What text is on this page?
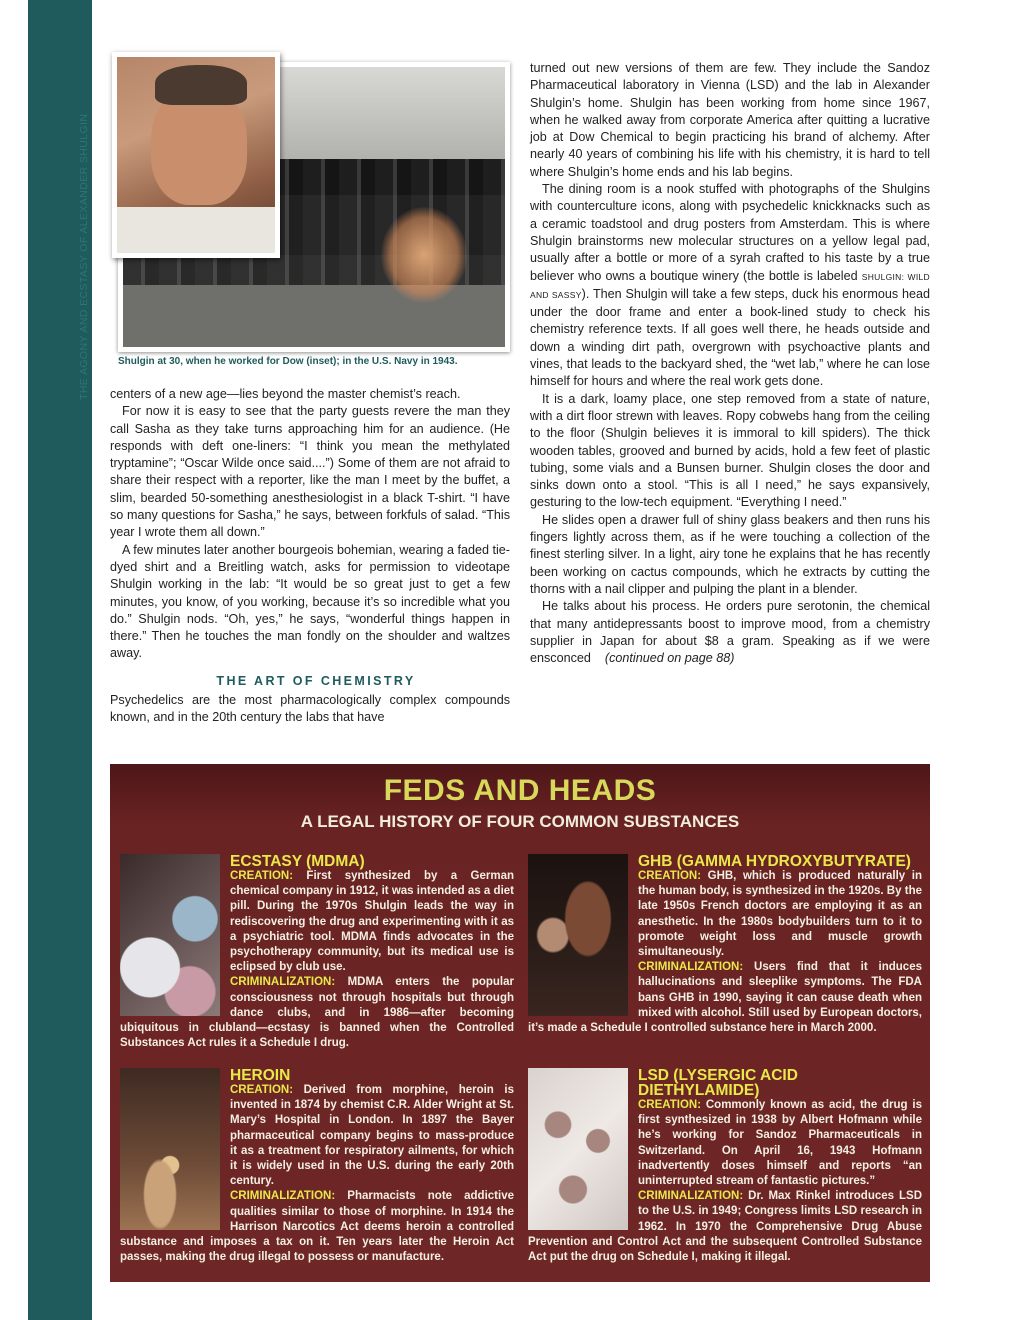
THE AGONY AND ECSTASY OF ALEXANDER SHULGIN	Shulgin at 30, when he worked for Dow (inset); in the U.S. Navy in 1943.

centers of a new age—lies beyond the master chemist’s reach.

For now it is easy to see that the party guests revere the man they call Sasha as they take turns approaching him for an audience. (He responds with deft one-liners: “I think you mean the methylated tryptamine”; “Oscar Wilde once said....”) Some of them are not afraid to share their respect with a reporter, like the man I meet by the buffet, a slim, bearded 50-something anesthesiologist in a black T-shirt. “I have so many questions for Sasha,” he says, between forkfuls of salad. “This year I wrote them all down.”

A few minutes later another bourgeois bohemian, wearing a faded tie-dyed shirt and a Breitling watch, asks for permission to videotape Shulgin working in the lab: “It would be so great just to get a few minutes, you know, of you working, because it’s so incredible what you do.” Shulgin nods. “Oh, yes,” he says, “wonderful things happen in there.” Then he touches the man fondly on the shoulder and waltzes away.

THE ART OF CHEMISTRY

Psychedelics are the most pharmacologically complex compounds known, and in the 20th century the labs that have

turned out new versions of them are few. They include the Sandoz Pharmaceutical laboratory in Vienna (LSD) and the lab in Alexander Shulgin’s home. Shulgin has been working from home since 1967, when he walked away from corporate America after quitting a lucrative job at Dow Chemical to begin practicing his brand of alchemy. After nearly 40 years of combining his life with his chemistry, it is hard to tell where Shulgin’s home ends and his lab begins.

The dining room is a nook stuffed with photographs of the Shulgins with counterculture icons, along with psychedelic knickknacks such as a ceramic toadstool and drug posters from Amsterdam. This is where Shulgin brainstorms new molecular structures on a yellow legal pad, usually after a bottle or more of a syrah crafted to his taste by a true believer who owns a boutique winery (the bottle is labeled SHULGIN: WILD AND SASSY). Then Shulgin will take a few steps, duck his enormous head under the door frame and enter a book-lined study to check his chemistry reference texts. If all goes well there, he heads outside and down a winding dirt path, overgrown with psychoactive plants and vines, that leads to the backyard shed, the “wet lab,” where he can lose himself for hours and where the real work gets done.

It is a dark, loamy place, one step removed from a state of nature, with a dirt floor strewn with leaves. Ropy cobwebs hang from the ceiling to the floor (Shulgin believes it is immoral to kill spiders). The thick wooden tables, grooved and burned by acids, hold a few feet of plastic tubing, some vials and a Bunsen burner. Shulgin closes the door and sinks down onto a stool. “This is all I need,” he says expansively, gesturing to the low-tech equipment. “Everything I need.”

He slides open a drawer full of shiny glass beakers and then runs his fingers lightly across them, as if he were touching a collection of the finest sterling silver. In a light, airy tone he explains that he has recently been working on cactus compounds, which he extracts by cutting the thorns with a nail clipper and pulping the plant in a blender.

He talks about his process. He orders pure serotonin, the chemical that many antidepressants boost to improve mood, from a chemistry supplier in Japan for about $8 a gram. Speaking as if we were ensconced (continued on page 88)

FEDS AND HEADS
A LEGAL HISTORY OF FOUR COMMON SUBSTANCES
ECSTASY (MDMA)
CREATION: First synthesized by a German chemical company in 1912, it was intended as a diet pill. During the 1970s Shulgin leads the way in rediscovering the drug and experimenting with it as a psychiatric tool. MDMA finds advocates in the psychotherapy community, but its medical use is eclipsed by club use.
CRIMINALIZATION: MDMA enters the popular consciousness not through hospitals but through dance clubs, and in 1986—after becoming ubiquitous in clubland—ecstasy is banned when the Controlled Substances Act rules it a Schedule I drug.
GHB (GAMMA HYDROXYBUTYRATE)
CREATION: GHB, which is produced naturally in the human body, is synthesized in the 1920s. By the late 1950s French doctors are employing it as an anesthetic. In the 1980s bodybuilders turn to it to promote weight loss and muscle growth simultaneously.
CRIMINALIZATION: Users find that it induces hallucinations and sleeplike symptoms. The FDA bans GHB in 1990, saying it can cause death when mixed with alcohol. Still used by European doctors, it’s made a Schedule I controlled substance here in March 2000.
HEROIN
CREATION: Derived from morphine, heroin is invented in 1874 by chemist C.R. Alder Wright at St. Mary’s Hospital in London. In 1897 the Bayer pharmaceutical company begins to mass-produce it as a treatment for respiratory ailments, for which it is widely used in the U.S. during the early 20th century.
CRIMINALIZATION: Pharmacists note addictive qualities similar to those of morphine. In 1914 the Harrison Narcotics Act deems heroin a controlled substance and imposes a tax on it. Ten years later the Heroin Act passes, making the drug illegal to possess or manufacture.
LSD (LYSERGIC ACID DIETHYLAMIDE)
CREATION: Commonly known as acid, the drug is first synthesized in 1938 by Albert Hofmann while he’s working for Sandoz Pharmaceuticals in Switzerland. On April 16, 1943 Hofmann inadvertently doses himself and reports “an uninterrupted stream of fantastic pictures.”
CRIMINALIZATION: Dr. Max Rinkel introduces LSD to the U.S. in 1949; Congress limits LSD research in 1962. In 1970 the Comprehensive Drug Abuse Prevention and Control Act and the subsequent Controlled Substance Act put the drug on Schedule I, making it illegal.
